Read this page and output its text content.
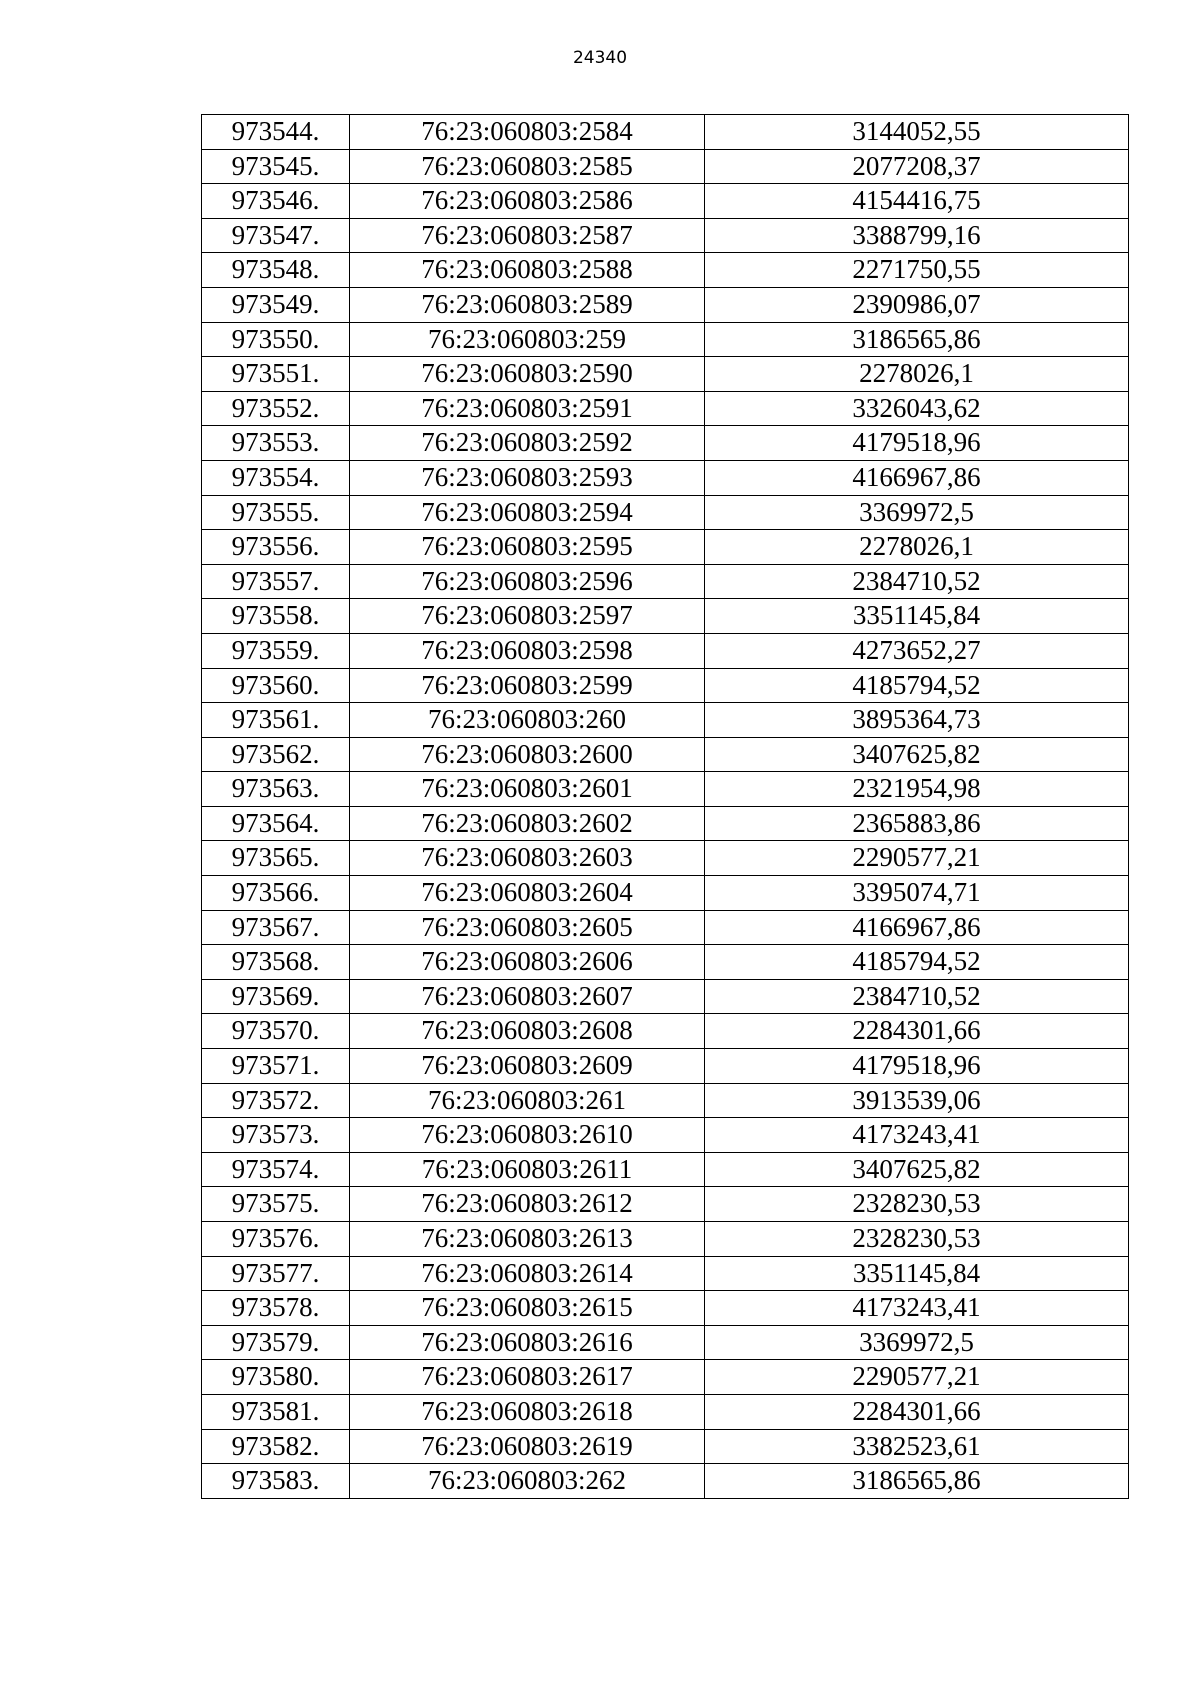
24340
973544.	76:23:060803:2584	3144052,55
973545.	76:23:060803:2585	2077208,37
973546.	76:23:060803:2586	4154416,75
973547.	76:23:060803:2587	3388799,16
973548.	76:23:060803:2588	2271750,55
973549.	76:23:060803:2589	2390986,07
973550.	76:23:060803:259	3186565,86
973551.	76:23:060803:2590	2278026,1
973552.	76:23:060803:2591	3326043,62
973553.	76:23:060803:2592	4179518,96
973554.	76:23:060803:2593	4166967,86
973555.	76:23:060803:2594	3369972,5
973556.	76:23:060803:2595	2278026,1
973557.	76:23:060803:2596	2384710,52
973558.	76:23:060803:2597	3351145,84
973559.	76:23:060803:2598	4273652,27
973560.	76:23:060803:2599	4185794,52
973561.	76:23:060803:260	3895364,73
973562.	76:23:060803:2600	3407625,82
973563.	76:23:060803:2601	2321954,98
973564.	76:23:060803:2602	2365883,86
973565.	76:23:060803:2603	2290577,21
973566.	76:23:060803:2604	3395074,71
973567.	76:23:060803:2605	4166967,86
973568.	76:23:060803:2606	4185794,52
973569.	76:23:060803:2607	2384710,52
973570.	76:23:060803:2608	2284301,66
973571.	76:23:060803:2609	4179518,96
973572.	76:23:060803:261	3913539,06
973573.	76:23:060803:2610	4173243,41
973574.	76:23:060803:2611	3407625,82
973575.	76:23:060803:2612	2328230,53
973576.	76:23:060803:2613	2328230,53
973577.	76:23:060803:2614	3351145,84
973578.	76:23:060803:2615	4173243,41
973579.	76:23:060803:2616	3369972,5
973580.	76:23:060803:2617	2290577,21
973581.	76:23:060803:2618	2284301,66
973582.	76:23:060803:2619	3382523,61
973583.	76:23:060803:262	3186565,86
